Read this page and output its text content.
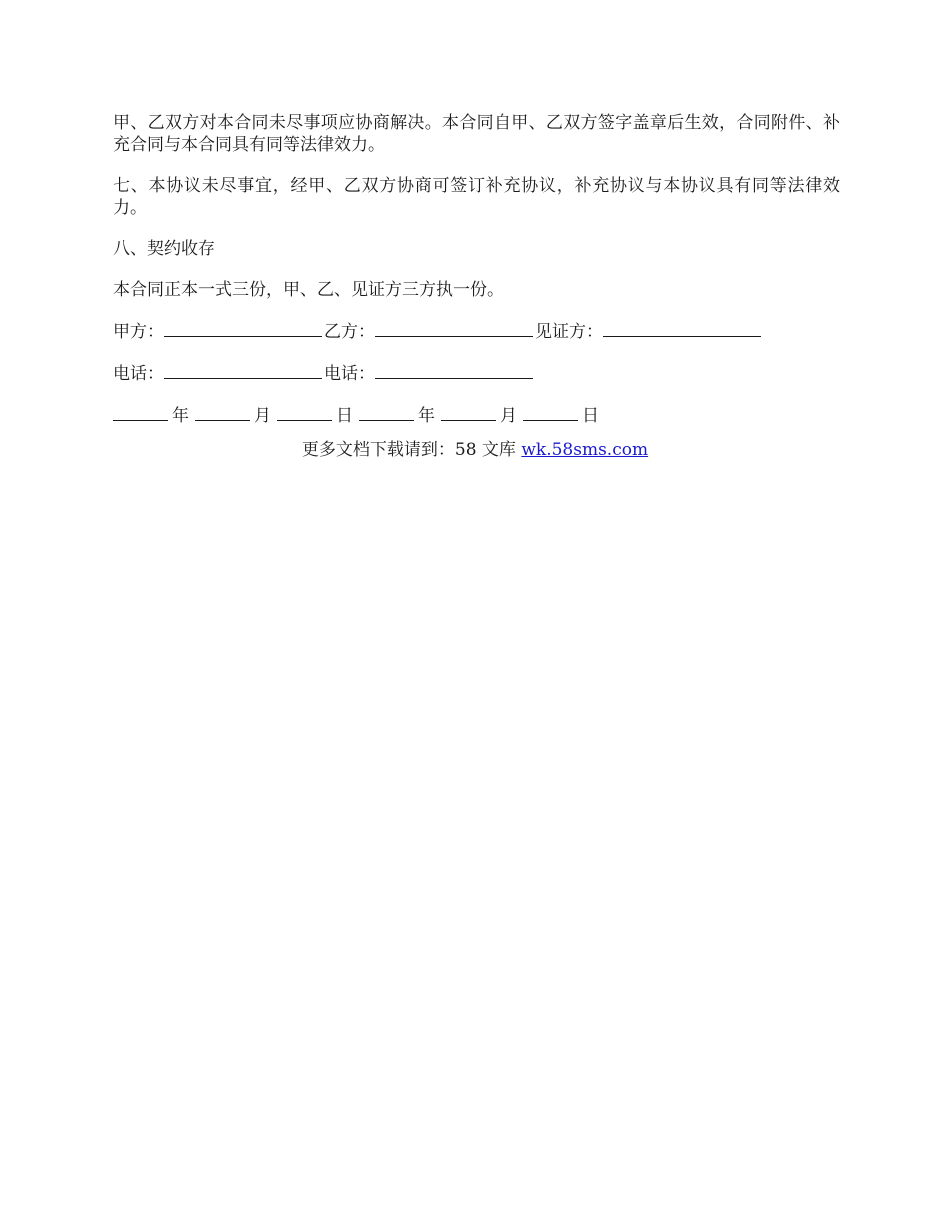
甲、乙双方对本合同未尽事项应协商解决。本合同自甲、乙双方签字盖章后生效，合同附件、补充合同与本合同具有同等法律效力。

七、本协议未尽事宜，经甲、乙双方协商可签订补充协议，补充协议与本协议具有同等法律效力。

八、契约收存

本合同正本一式三份，甲、乙、见证方三方执一份。

甲方：	乙方：	见证方：
电话：	电话：
年	月	日	年	月	日
更多文档下载请到：58 文库 wk.58sms.com
